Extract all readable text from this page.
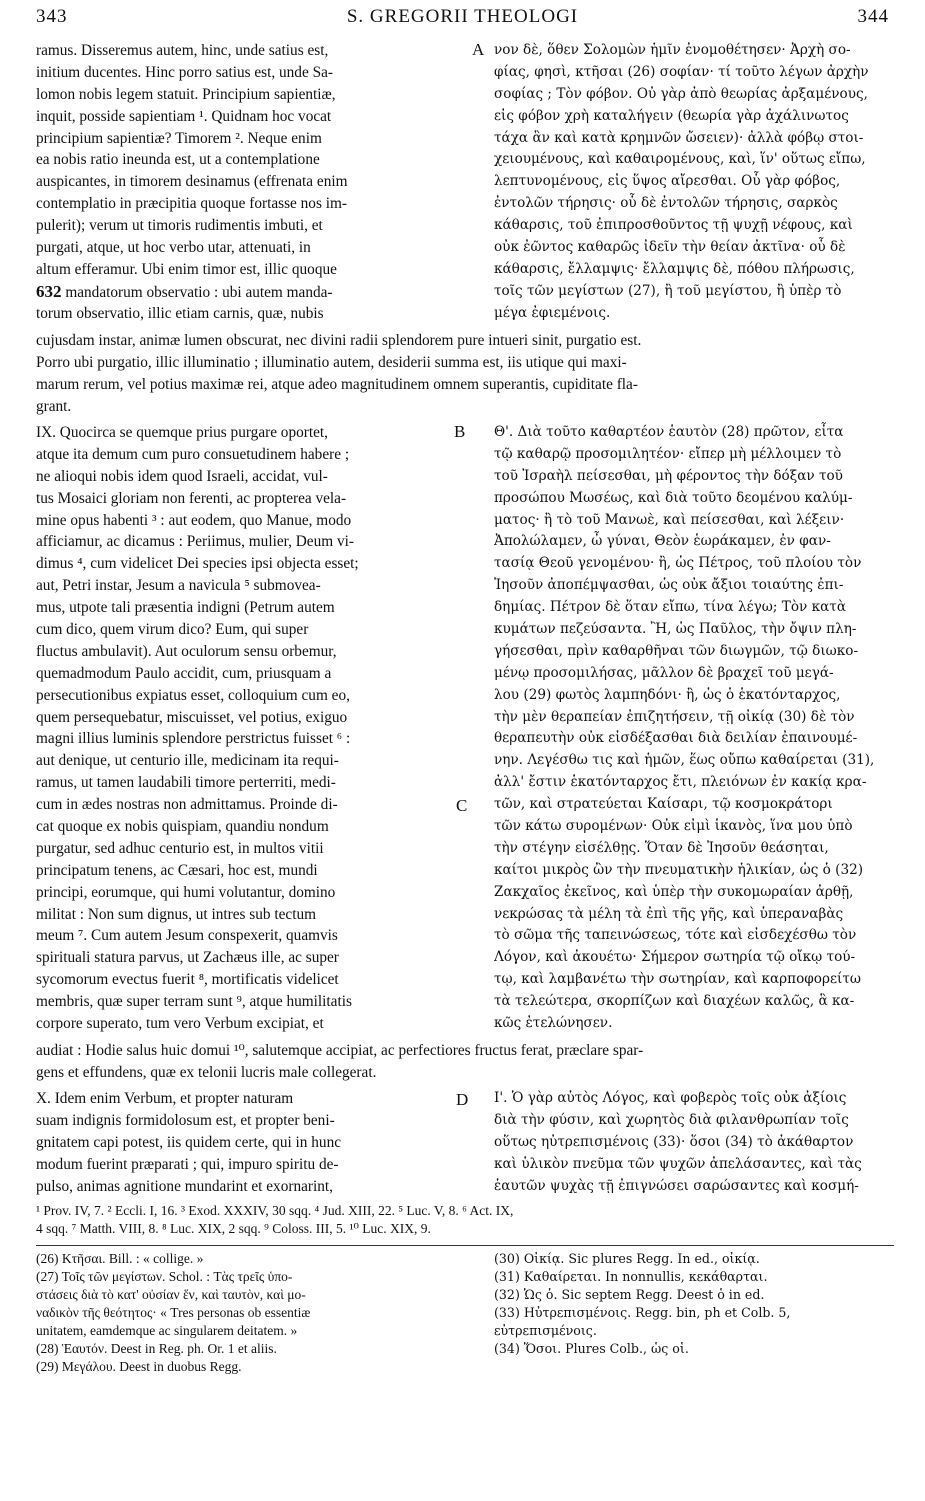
343	S. GREGORII THEOLOGI	344
ramus. Disseremus autem, hinc, unde satius est,
initium ducentes. Hinc porro satius est, unde Sa-
lomon nobis legem statuit. Principium sapientiæ,
inquit, posside sapientiam ¹. Quidnam hoc vocat
principium sapientiæ? Timorem ². Neque enim
ea nobis ratio ineunda est, ut a contemplatione
auspicantes, in timorem desinamus (effrenata enim
contemplatio in præcipitia quoque fortasse nos im-
pulerit); verum ut timoris rudimentis imbuti, et
purgati, atque, ut hoc verbo utar, attenuati, in
altum efferamur. Ubi enim timor est, illic quoque
632 mandatorum observatio : ubi autem manda-
torum observatio, illic etiam carnis, quæ, nubis
A νον δὲ, ὅθεν Σολομὼν ἡμῖν ἐνομοθέτησεν· Ἀρχὴ σο-
φίας, φησὶ, κτῆσαι (26) σοφίαν· τί τοῦτο λέγων ἀρχὴν
σοφίας ; Τὸν φόβον. Οὐ γὰρ ἀπὸ θεωρίας ἀρξαμένους,
εἰς φόβον χρὴ καταλήγειν (θεωρία γὰρ ἀχάλινωτος
τάχα ἂν καὶ κατὰ κρημνῶν ὤσειεν)· ἀλλὰ φόβῳ στοι-
χειουμένους, καὶ καθαιρομένους, καὶ, ἵν' οὕτως εἴπω,
λεπτυνομένους, εἰς ὕψος αἴρεσθαι. Οὗ γὰρ φόβος,
ἐντολῶν τήρησις· οὗ δὲ ἐντολῶν τήρησις, σαρκὸς
κάθαρσις, τοῦ ἐπιπροσθοῦντος τῇ ψυχῇ νέφους, καὶ
οὐκ ἐῶντος καθαρῶς ἰδεῖν τὴν θείαν ἀκτῖνα· οὗ δὲ
κάθαρσις, ἔλλαμψις· ἔλλαμψις δὲ, πόθου πλήρωσις,
τοῖς τῶν μεγίστων (27), ἢ τοῦ μεγίστου, ἢ ὑπὲρ τὸ
μέγα ἐφιεμένοις.
cujusdam instar, animæ lumen obscurat, nec divini radii splendorem pure intueri sinit, purgatio est.
Porro ubi purgatio, illic illuminatio ; illuminatio autem, desiderii summa est, iis utique qui maxi-
marum rerum, vel potius maximæ rei, atque adeo magnitudinem omnem superantis, cupiditate fla-
grant.
IX. Quocirca se quemque prius purgare oportet,
atque ita demum cum puro consuetudinem habere ;
ne alioqui nobis idem quod Israeli, accidat, vul-
tus Mosaici gloriam non ferenti, ac propterea vela-
mine opus habenti ³ : aut eodem, quo Manue, modo
afficiamur, ac dicamus : Periimus, mulier, Deum vi-
dimus ⁴, cum videlicet Dei species ipsi objecta esset;
aut, Petri instar, Jesum a navicula ⁵ submovea-
mus, utpote tali præsentia indigni (Petrum autem
cum dico, quem virum dico? Eum, qui super
fluctus ambulavit). Aut oculorum sensu orbemur,
quemadmodum Paulo accidit, cum, priusquam a
persecutionibus expiatus esset, colloquium cum eo,
quem persequebatur, miscuisset, vel potius, exiguo
magni illius luminis splendore perstrictus fuisset ⁶ :
aut denique, ut centurio ille, medicinam ita requi-
ramus, ut tamen laudabili timore perterriti, medi-
cum in ædes nostras non admittamus. Proinde di-
cat quoque ex nobis quispiam, quandiu nondum
purgatur, sed adhuc centurio est, in multos vitii
principatum tenens, ac Cæsari, hoc est, mundi
principi, eorumque, qui humi volutantur, domino
militat : Non sum dignus, ut intres sub tectum
meum ⁷. Cum autem Jesum conspexerit, quamvis
spirituali statura parvus, ut Zachæus ille, ac super
sycomorum evectus fuerit ⁸, mortificatis videlicet
membris, quæ super terram sunt ⁹, atque humilitatis
corpore superato, tum vero Verbum excipiat, et
B
C
Θ'. Διὰ τοῦτο καθαρτέον ἑαυτὸν (28) πρῶτον, εἶτα
τῷ καθαρῷ προσομιλητέον· εἴπερ μὴ μέλλοιμεν τὸ
τοῦ Ἰσραὴλ πείσεσθαι, μὴ φέροντος τὴν δόξαν τοῦ
προσώπου Μωσέως, καὶ διὰ τοῦτο δεομένου καλύμ-
ματος· ἢ τὸ τοῦ Μανωὲ, καὶ πείσεσθαι, καὶ λέξειν·
Ἀπολώλαμεν, ὦ γύναι, Θεὸν ἑωράκαμεν, ἐν φαν-
τασίᾳ Θεοῦ γενομένου· ἢ, ὡς Πέτρος, τοῦ πλοίου τὸν
Ἰησοῦν ἀποπέμψασθαι, ὡς οὐκ ἄξιοι τοιαύτης ἐπι-
δημίας. Πέτρον δὲ ὅταν εἴπω, τίνα λέγω; Τὸν κατὰ
κυμάτων πεζεύσαντα. Ἢ, ὡς Παῦλος, τὴν ὄψιν πλη-
γήσεσθαι, πρὶν καθαρθῆναι τῶν διωγμῶν, τῷ διωκο-
μένῳ προσομιλήσας, μᾶλλον δὲ βραχεῖ τοῦ μεγά-
λου (29) φωτὸς λαμπηδόνι· ἢ, ὡς ὁ ἑκατόνταρχος,
τὴν μὲν θεραπείαν ἐπιζητήσειν, τῇ οἰκίᾳ (30) δὲ τὸν
θεραπευτὴν οὐκ εἰσδέξασθαι διὰ δειλίαν ἐπαινουμέ-
νην. Λεγέσθω τις καὶ ἡμῶν, ἕως οὔπω καθαίρεται (31),
ἀλλ' ἔστιν ἑκατόνταρχος ἔτι, πλειόνων ἐν κακίᾳ κρα-
τῶν, καὶ στρατεύεται Καίσαρι, τῷ κοσμοκράτορι
τῶν κάτω συρομένων· Οὐκ εἰμὶ ἱκανὸς, ἵνα μου ὑπὸ
τὴν στέγην εἰσέλθῃς. Ὅταν δὲ Ἰησοῦν θεάσηται,
καίτοι μικρὸς ὢν τὴν πνευματικὴν ἡλικίαν, ὡς ὁ (32)
Ζακχαῖος ἐκεῖνος, καὶ ὑπὲρ τὴν συκομωραίαν ἀρθῇ,
νεκρώσας τὰ μέλη τὰ ἐπὶ τῆς γῆς, καὶ ὑπεραναβὰς
τὸ σῶμα τῆς ταπεινώσεως, τότε καὶ εἰσδεχέσθω τὸν
Λόγον, καὶ ἀκουέτω· Σήμερον σωτηρία τῷ οἴκῳ τού-
τῳ, καὶ λαμβανέτω τὴν σωτηρίαν, καὶ καρποφορείτω
τὰ τελεώτερα, σκορπίζων καὶ διαχέων καλῶς, ἃ κα-
κῶς ἐτελώνησεν.
audiat : Hodie salus huic domui ¹⁰, salutemque accipiat, ac perfectiores fructus ferat, præclare spar-
gens et effundens, quæ ex telonii lucris male collegerat.
X. Idem enim Verbum, et propter naturam
suam indignis formidolosum est, et propter beni-
gnitatem capi potest, iis quidem certe, qui in hunc
modum fuerint præparati ; qui, impuro spiritu de-
pulso, animas agnitione mundarint et exornarint,
D Ι'. Ὁ γὰρ αὐτὸς Λόγος, καὶ φοβερὸς τοῖς οὐκ ἀξίοις
διὰ τὴν φύσιν, καὶ χωρητὸς διὰ φιλανθρωπίαν τοῖς
οὕτως ηὐτρεπισμένοις (33)· ὅσοι (34) τὸ ἀκάθαρτον
καὶ ὑλικὸν πνεῦμα τῶν ψυχῶν ἀπελάσαντες, καὶ τὰς
ἑαυτῶν ψυχὰς τῇ ἐπιγνώσει σαρώσαντες καὶ κοσμή-
¹ Prov. IV, 7. ² Eccli. I, 16. ³ Exod. XXXIV, 30 sqq. ⁴ Jud. XIII, 22. ⁵ Luc. V, 8. ⁶ Act. IX,
4 sqq. ⁷ Matth. VIII, 8. ⁸ Luc. XIX, 2 sqq. ⁹ Coloss. III, 5. ¹⁰ Luc. XIX, 9.
(26) Κτῆσαι. Bill. : « collige. »
(27) Τοῖς τῶν μεγίστων. Schol. : Τὰς τρεῖς ὑπο-
στάσεις διὰ τὸ κατ' οὐσίαν ἕν, καὶ ταυτὸν, καὶ μο-
ναδικὸν τῆς θεότητος· « Tres personas ob essentiæ
unitatem, eamdemque ac singularem deitatem. »
(28) Ἑαυτόν. Deest in Reg. ph. Or. 1 et aliis.
(29) Μεγάλου. Deest in duobus Regg.
(30) Οἰκίᾳ. Sic plures Regg. In ed., οἰκίᾳ.
(31) Καθαίρεται. In nonnullis, κεκάθαρται.
(32) Ὡς ὁ. Sic septem Regg. Deest ὁ in ed.
(33) Ηὐτρεπισμένοις. Regg. bin, ph et Colb. 5,
εὐτρεπισμένοις.
(34) Ὅσοι. Plures Colb., ὡς οἱ.
